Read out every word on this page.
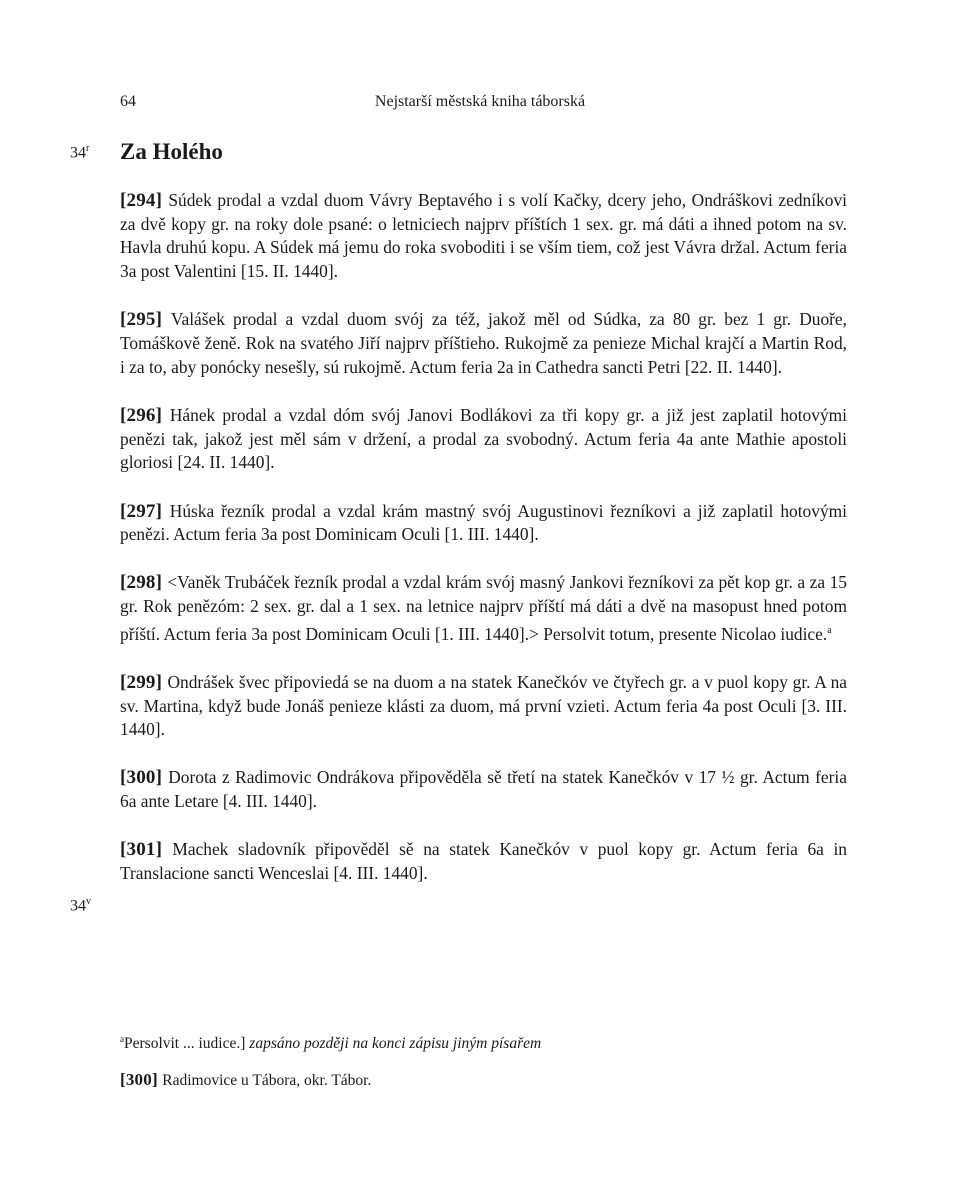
64	Nejstarší městská kniha táborská
34$^r$ Za Holého

[294] Súdek prodal a vzdal duom Vávry Beptavého i s volí Kačky, dcery jeho, Ondráškovi zedníkovi za dvě kopy gr. na roky dole psané: o letniciech najprv příštích 1 sex. gr. má dáti a ihned potom na sv. Havla druhú kopu. A Súdek má jemu do roka svoboditi i se vším tiem, což jest Vávra držal. Actum feria 3a post Valentini [15. II. 1440].

[295] Valášek prodal a vzdal duom svój za též, jakož měl od Súdka, za 80 gr. bez 1 gr. Duoře, Tomáškově ženě. Rok na svatého Jiří najprv příštieho. Rukojmě za penieze Michal krajčí a Martin Rod, i za to, aby ponócky nesešly, sú rukojmě. Actum feria 2a in Cathedra sancti Petri [22. II. 1440].

[296] Hánek prodal a vzdal dóm svój Janovi Bodlákovi za tři kopy gr. a již jest zaplatil hotovými penězi tak, jakož jest měl sám v držení, a prodal za svobodný. Actum feria 4a ante Mathie apostoli gloriosi [24. II. 1440].

[297] Húska řezník prodal a vzdal krám mastný svój Augustinovi řezníkovi a již zaplatil hotovými penězi. Actum feria 3a post Dominicam Oculi [1. III. 1440].

[298] <Vaněk Trubáček řezník prodal a vzdal krám svój masný Jankovi řezníkovi za pět kop gr. a za 15 gr. Rok penězóm: 2 sex. gr. dal a 1 sex. na letnice najprv příští má dáti a dvě na masopust hned potom příští. Actum feria 3a post Dominicam Oculi [1. III. 1440].> Persolvit totum, presente Nicolao iudice.$^a$

[299] Ondrášek švec připoviedá se na duom a na statek Kanečkóv ve čtyřech gr. a v puol kopy gr. A na sv. Martina, když bude Jonáš penieze klásti za duom, má první vzieti. Actum feria 4a post Oculi [3. III. 1440].

[300] Dorota z Radimovic Ondrákova připověděla sě třetí na statek Kanečkóv v 17 ½ gr. Actum feria 6a ante Letare [4. III. 1440].

[301] Machek sladovník připověděl sě na statek Kanečkóv v puol kopy gr. Actum feria 6a in Translacione sancti Wenceslai [4. III. 1440].

34$^v$

$^a$Persolvit ... iudice.] zapsáno později na konci zápisu jiným písařem

[300] Radimovice u Tábora, okr. Tábor.
